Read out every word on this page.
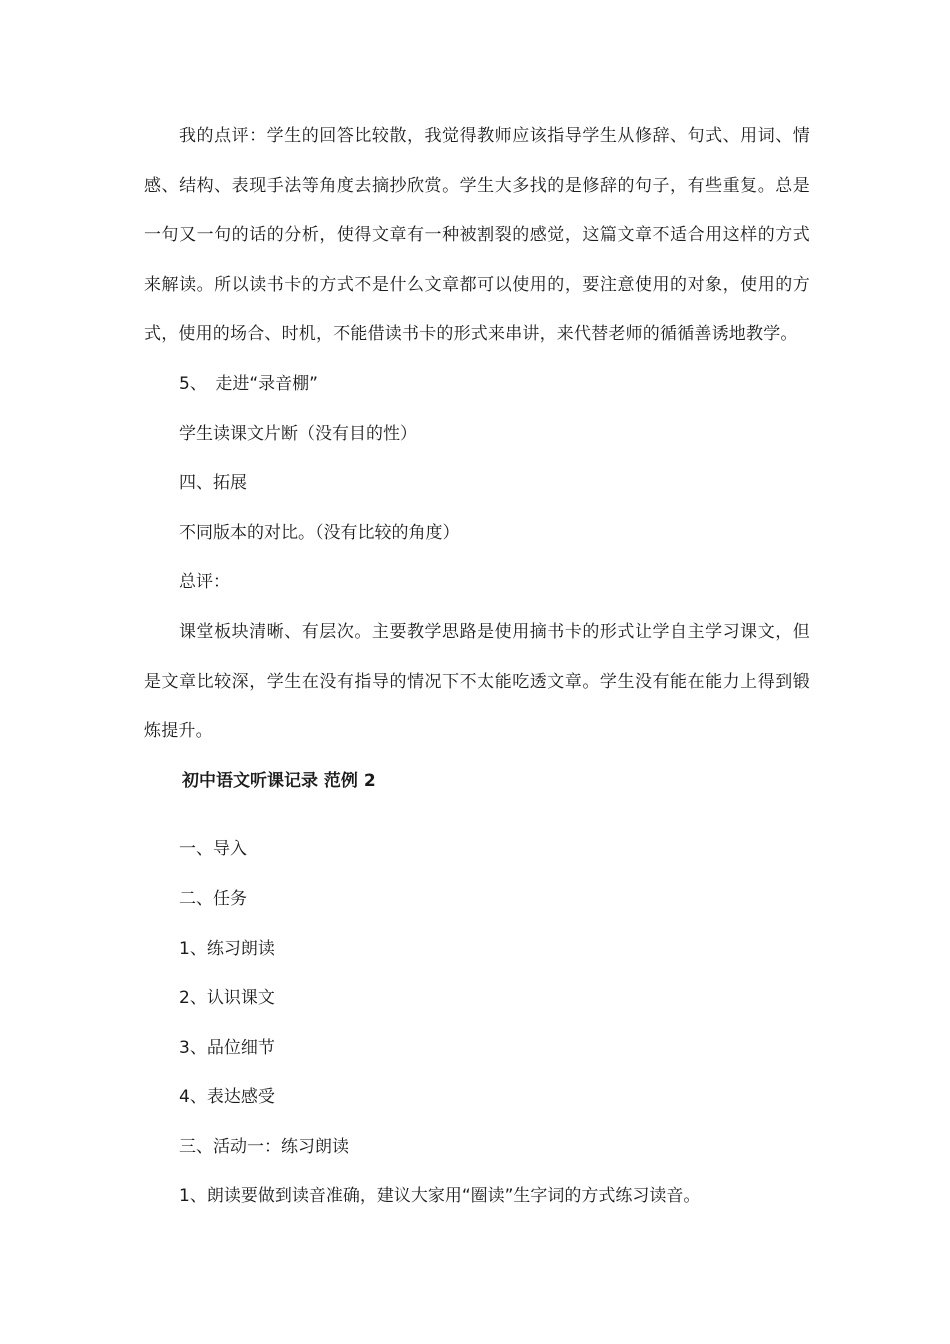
我的点评：学生的回答比较散，我觉得教师应该指导学生从修辞、句式、用词、情感、结构、表现手法等角度去摘抄欣赏。学生大多找的是修辞的句子，有些重复。总是一句又一句的话的分析，使得文章有一种被割裂的感觉，这篇文章不适合用这样的方式来解读。所以读书卡的方式不是什么文章都可以使用的，要注意使用的对象，使用的方式，使用的场合、时机，不能借读书卡的形式来串讲，来代替老师的循循善诱地教学。

5、　走进“录音棚”

学生读课文片断（没有目的性）

四、拓展

不同版本的对比。（没有比较的角度）

总评：

课堂板块清晰、有层次。主要教学思路是使用摘书卡的形式让学自主学习课文，但是文章比较深，学生在没有指导的情况下不太能吃透文章。学生没有能在能力上得到锻炼提升。

初中语文听课记录 范例 2

一、导入

二、任务

1、练习朗读

2、认识课文

3、品位细节

4、表达感受

三、活动一：练习朗读

1、朗读要做到读音准确，建议大家用“圈读”生字词的方式练习读音。
